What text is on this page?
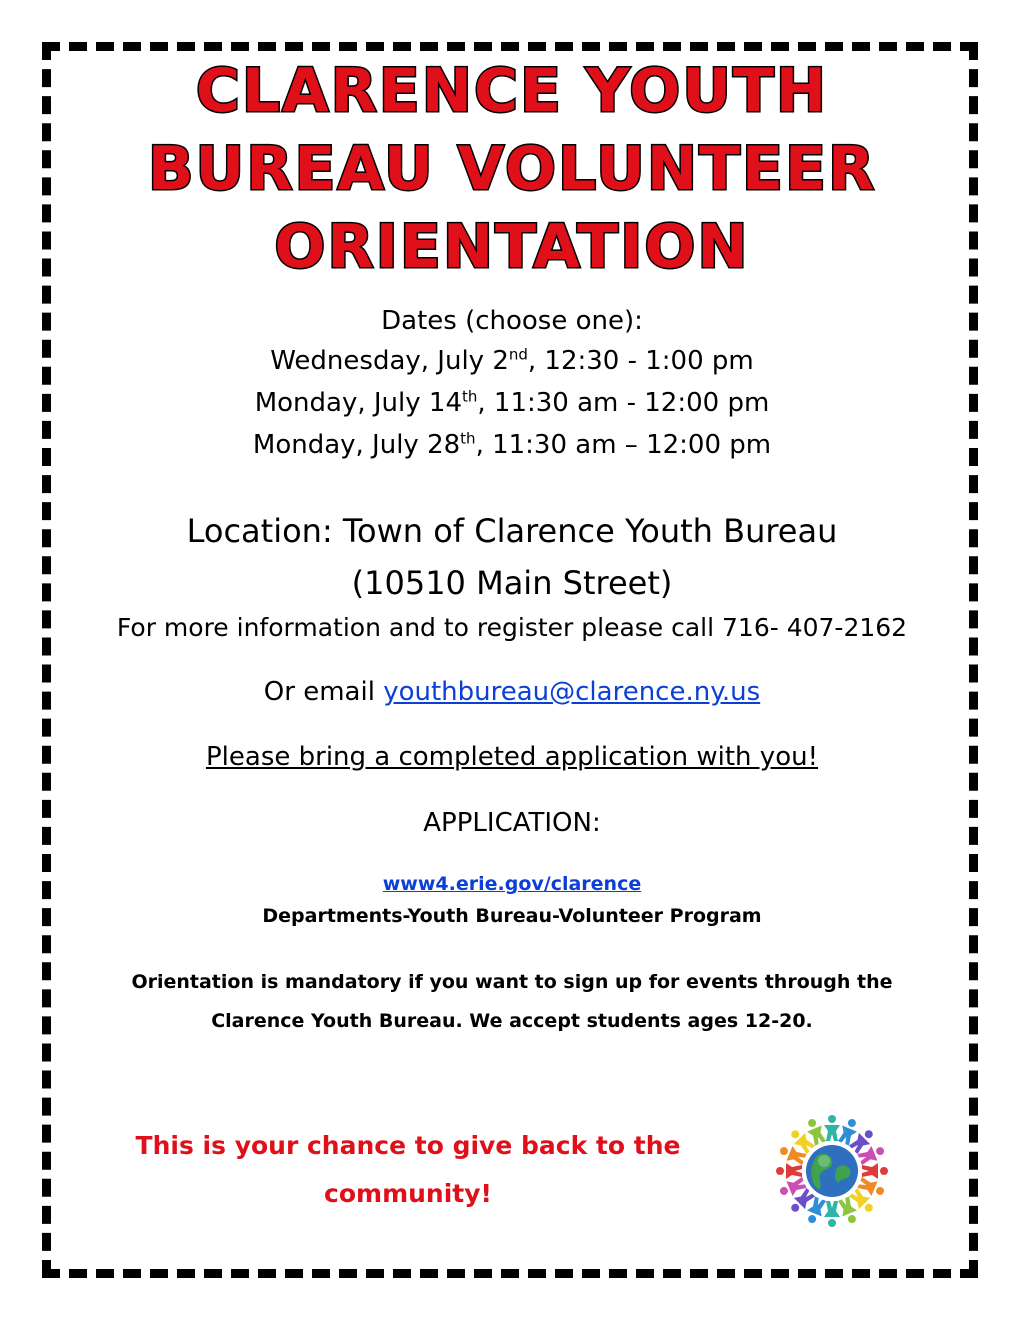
CLARENCE YOUTH
BUREAU VOLUNTEER
ORIENTATION
Dates (choose one):
Wednesday, July 2nd, 12:30 - 1:00 pm
Monday, July 14th, 11:30 am - 12:00 pm
Monday, July 28th, 11:30 am – 12:00 pm
Location: Town of Clarence Youth Bureau
(10510 Main Street)
For more information and to register please call 716- 407-2162
Or email youthbureau@clarence.ny.us
Please bring a completed application with you!
APPLICATION:
www4.erie.gov/clarence
Departments-Youth Bureau-Volunteer Program
Orientation is mandatory if you want to sign up for events through the
Clarence Youth Bureau. We accept students ages 12-20.
This is your chance to give back to the
community!
